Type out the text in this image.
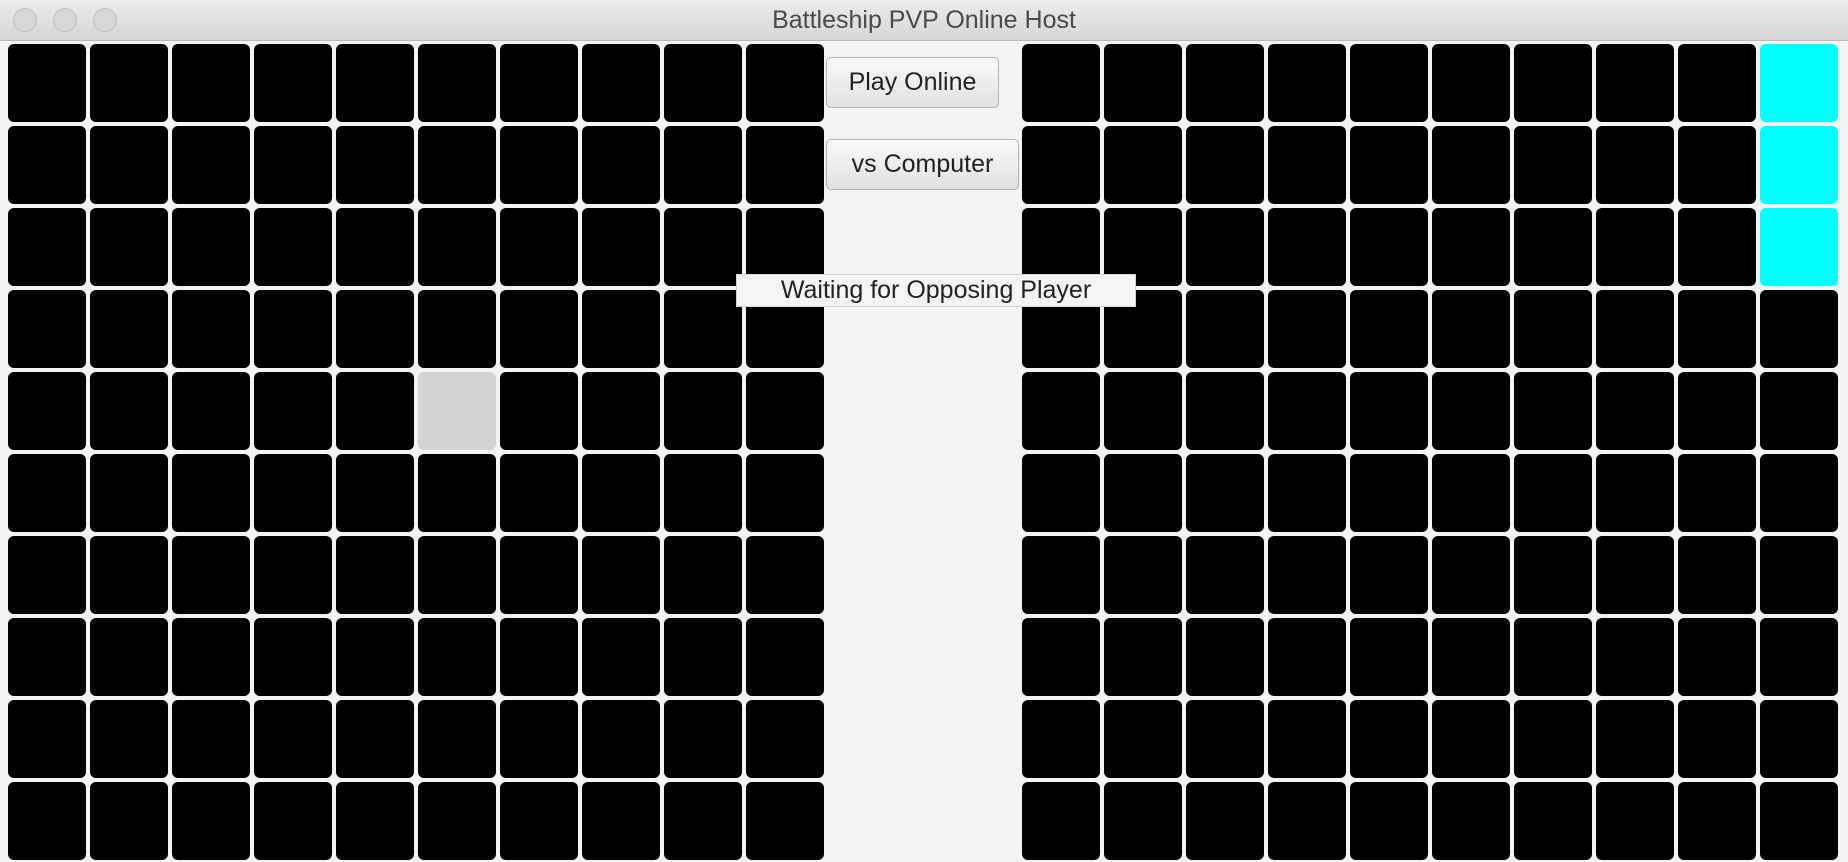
Battleship PVP Online Host
Play Online
vs Computer
Waiting for Opposing Player
